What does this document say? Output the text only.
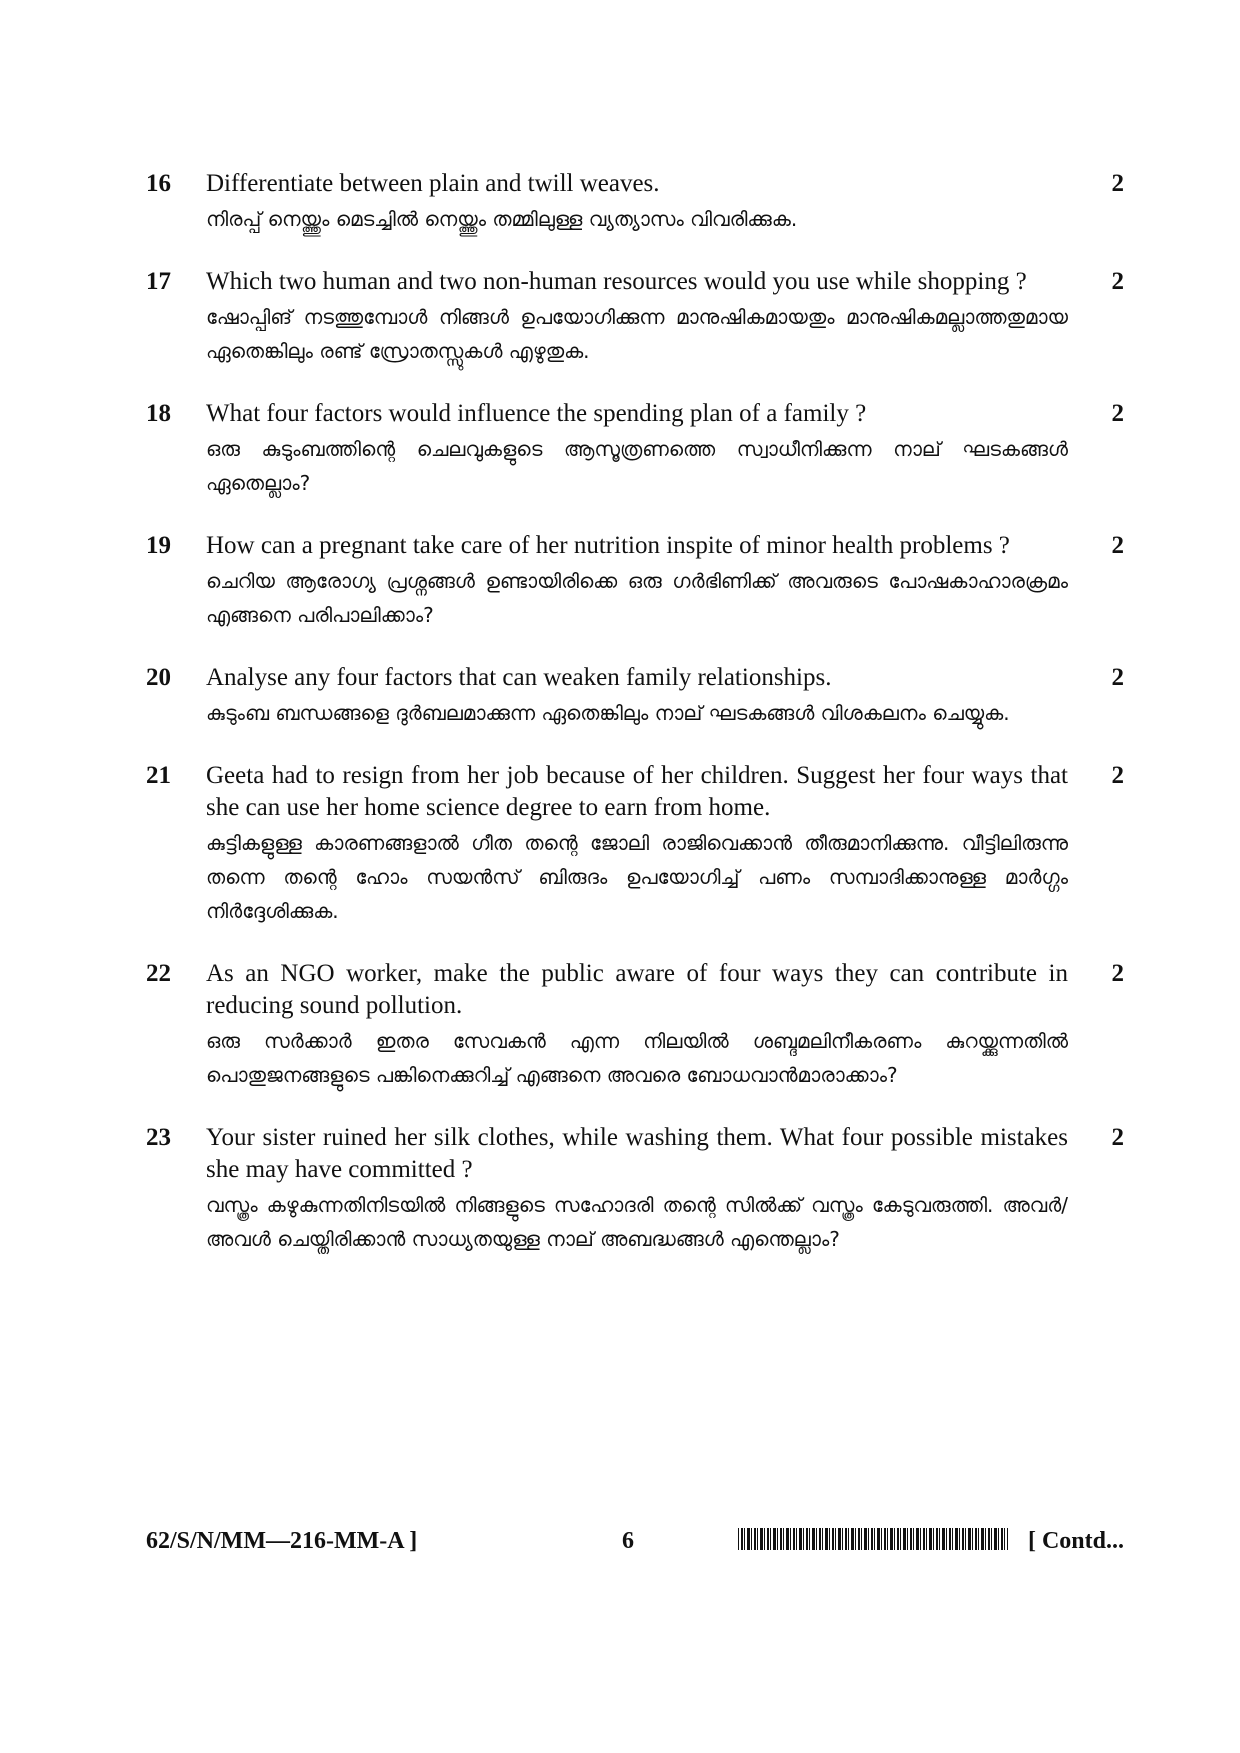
16 Differentiate between plain and twill weaves.

നിരപ്പ് നെയ്ത്തും മെടച്ചിൽ നെയ്ത്തും തമ്മിലുള്ള വ്യത്യാസം വിവരിക്കുക.

2
17 Which two human and two non-human resources would you use while shopping ?

ഷോപ്പിങ് നടത്തുമ്പോൾ നിങ്ങൾ ഉപയോഗിക്കുന്ന മാനുഷികമായതും മാനുഷികമല്ലാത്തതുമായ ഏതെങ്കിലും രണ്ട് സ്രോതസ്സുകൾ എഴുതുക.

2
18 What four factors would influence the spending plan of a family ?

ഒരു കുടുംബത്തിന്റെ ചെലവുകളുടെ ആസൂത്രണത്തെ സ്വാധീനിക്കുന്ന നാല് ഘടകങ്ങൾ ഏതെല്ലാം?

2
19 How can a pregnant take care of her nutrition inspite of minor health problems ?

ചെറിയ ആരോഗ്യ പ്രശ്നങ്ങൾ ഉണ്ടായിരിക്കെ ഒരു ഗർഭിണിക്ക് അവരുടെ പോഷകാഹാരക്രമം എങ്ങനെ പരിപാലിക്കാം?

2
20 Analyse any four factors that can weaken family relationships.

കുടുംബ ബന്ധങ്ങളെ ദുർബലമാക്കുന്ന ഏതെങ്കിലും നാല് ഘടകങ്ങൾ വിശകലനം ചെയ്യുക.

2
21 Geeta had to resign from her job because of her children. Suggest her four ways that she can use her home science degree to earn from home.

കുട്ടികളുള്ള കാരണങ്ങളാൽ ഗീത തന്റെ ജോലി രാജിവെക്കാൻ തീരുമാനിക്കുന്നു. വീട്ടിലിരുന്നു തന്നെ തന്റെ ഹോം സയൻസ് ബിരുദം ഉപയോഗിച്ച് പണം സമ്പാദിക്കാനുള്ള മാർഗ്ഗം നിർദ്ദേശിക്കുക.

2
22 As an NGO worker, make the public aware of four ways they can contribute in reducing sound pollution.

ഒരു സർക്കാർ ഇതര സേവകൻ എന്ന നിലയിൽ ശബ്ദമലിനീകരണം കുറയ്ക്കുന്നതിൽ പൊതുജനങ്ങളുടെ പങ്കിനെക്കുറിച്ച് എങ്ങനെ അവരെ ബോധവാൻമാരാക്കാം?

2
23 Your sister ruined her silk clothes, while washing them. What four possible mistakes she may have committed ?

വസ്ത്രം കഴുകുന്നതിനിടയിൽ നിങ്ങളുടെ സഹോദരി തന്റെ സിൽക്ക് വസ്ത്രം കേടുവരുത്തി. അവർ/അവൾ ചെയ്തിരിക്കാൻ സാധ്യതയുള്ള നാല് അബദ്ധങ്ങൾ എന്തെല്ലാം?

2
62/S/N/MM—216-MM-A ]	6	[ Contd...
